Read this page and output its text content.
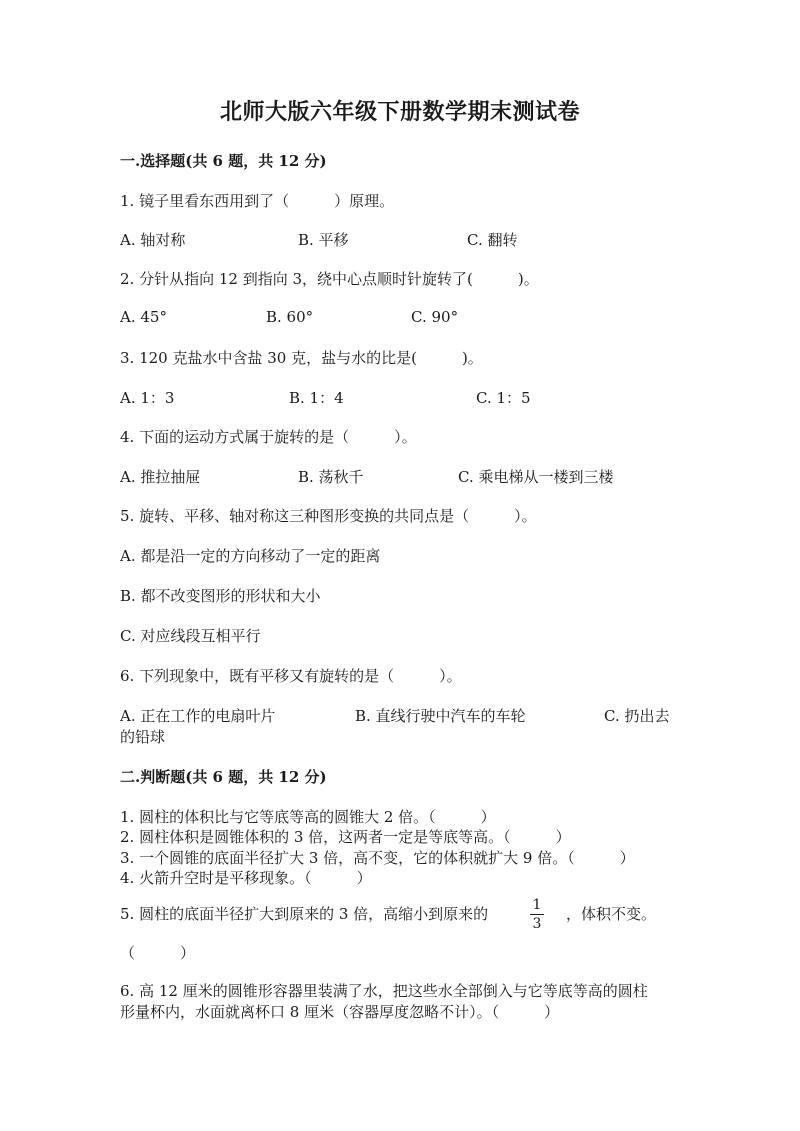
北师大版六年级下册数学期末测试卷
一.选择题(共 6 题，共 12 分)
1. 镜子里看东西用到了（　　　）原理。
A. 轴对称	B. 平移	C. 翻转
2. 分针从指向 12 到指向 3，绕中心点顺时针旋转了(　　　)。
A. 45°	B. 60°	C. 90°
3. 120 克盐水中含盐 30 克，盐与水的比是(　　　)。
A. 1：3	B. 1：4	C. 1：5
4. 下面的运动方式属于旋转的是（　　　）。
A. 推拉抽屉	B. 荡秋千	C. 乘电梯从一楼到三楼
5. 旋转、平移、轴对称这三种图形变换的共同点是（　　　）。
A. 都是沿一定的方向移动了一定的距离
B. 都不改变图形的形状和大小
C. 对应线段互相平行
6. 下列现象中，既有平移又有旋转的是（　　　）。
A. 正在工作的电扇叶片	B. 直线行驶中汽车的车轮	C. 扔出去
的铅球
二.判断题(共 6 题，共 12 分)
1. 圆柱的体积比与它等底等高的圆锥大 2 倍。（　　　）
2. 圆柱体积是圆锥体积的 3 倍，这两者一定是等底等高。（　　　）
3. 一个圆锥的底面半径扩大 3 倍，高不变，它的体积就扩大 9 倍。（　　　）
4. 火箭升空时是平移现象。（　　　）
5. 圆柱的底面半径扩大到原来的 3 倍，高缩小到原来的	1
3
，体积不变。
（　　　）
6. 高 12 厘米的圆锥形容器里装满了水，把这些水全部倒入与它等底等高的圆柱
形量杯内，水面就离杯口 8 厘米（容器厚度忽略不计）。（　　　）
